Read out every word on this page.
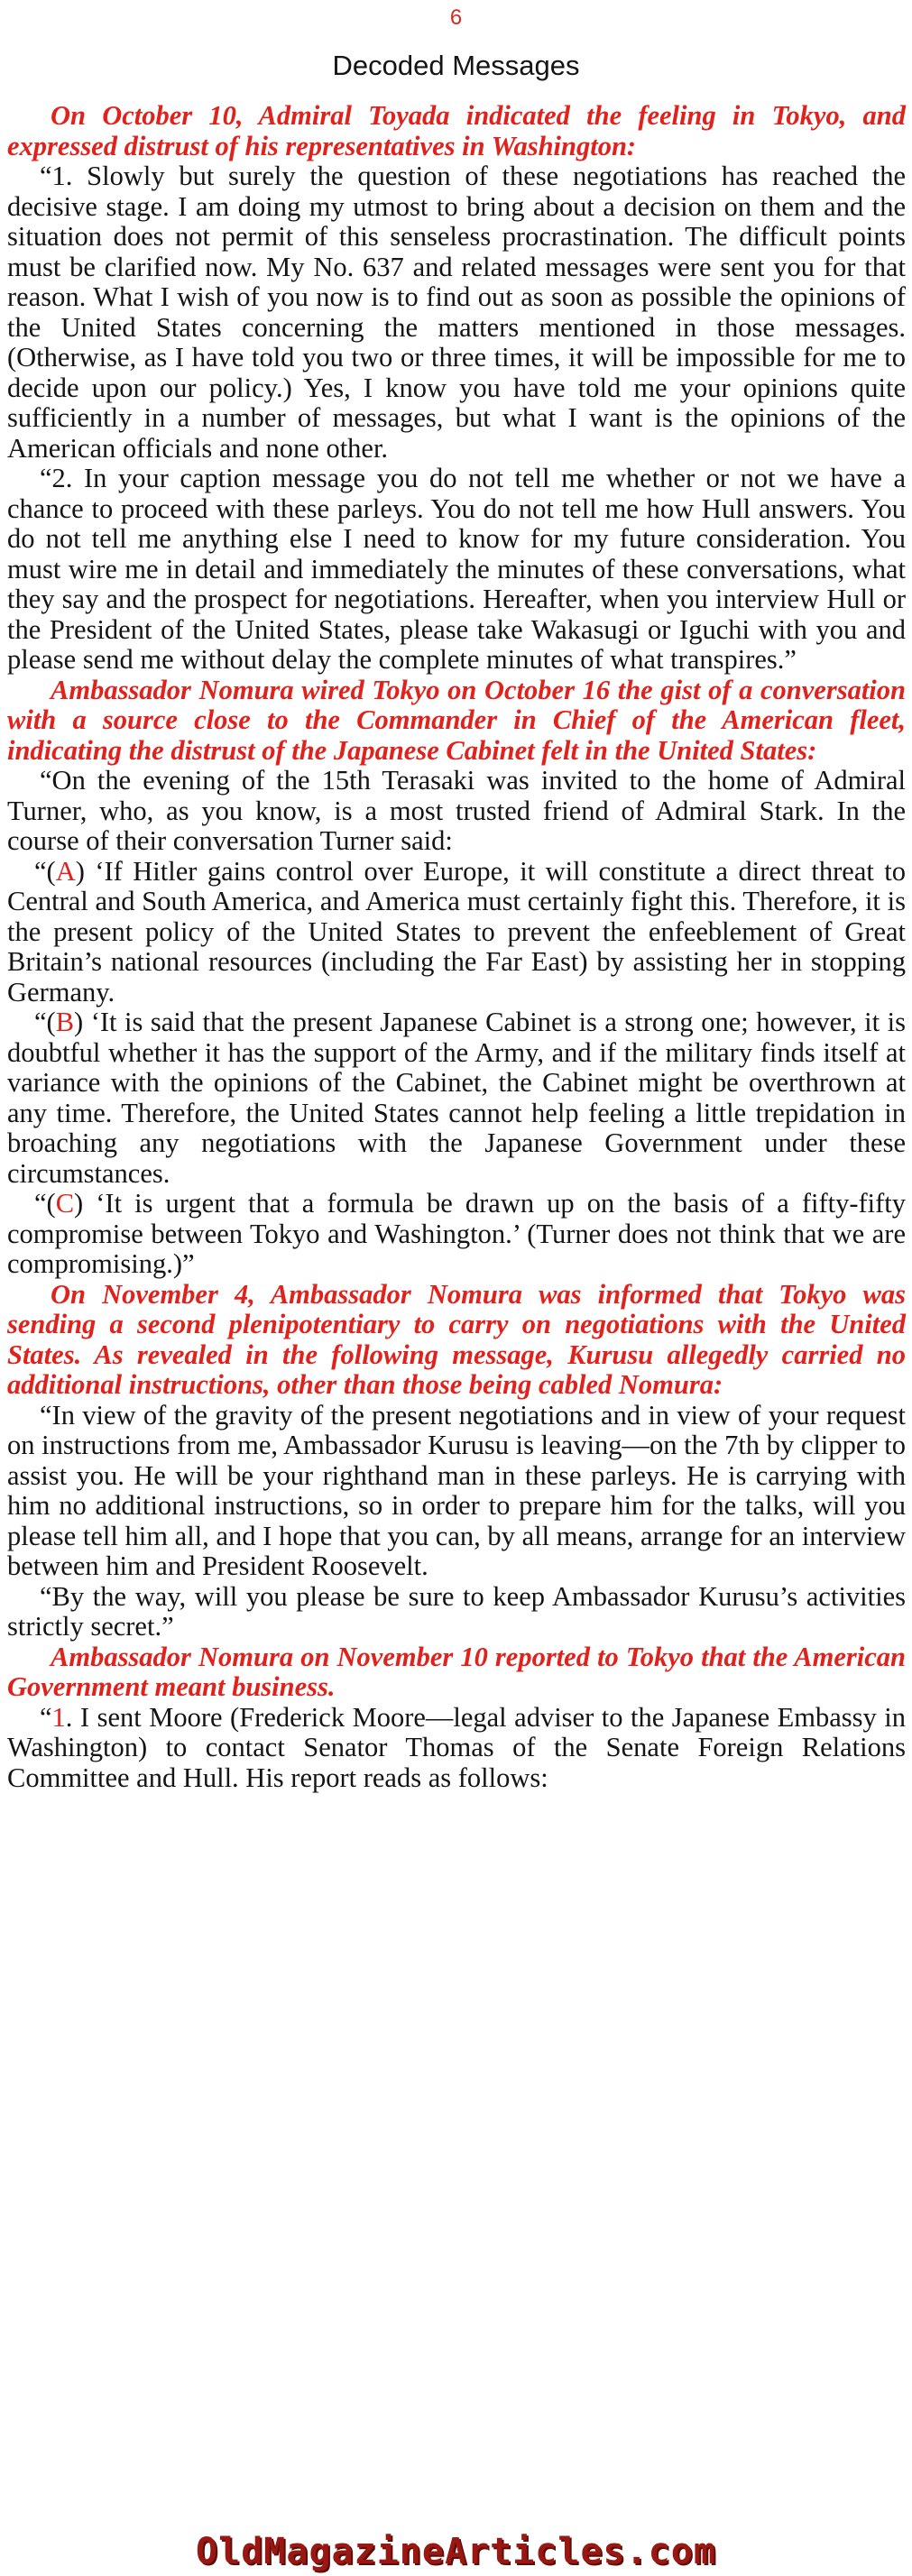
6
Decoded Messages

On October 10, Admiral Toyada indicated the feeling in Tokyo, and expressed distrust of his representatives in Washington:

“1. Slowly but surely the question of these negotiations has reached the decisive stage. I am doing my utmost to bring about a decision on them and the situation does not permit of this senseless procrastination. The difficult points must be clarified now. My No. 637 and related messages were sent you for that reason. What I wish of you now is to find out as soon as possible the opinions of the United States concerning the matters mentioned in those messages. (Otherwise, as I have told you two or three times, it will be impossible for me to decide upon our policy.) Yes, I know you have told me your opinions quite sufficiently in a number of messages, but what I want is the opinions of the American officials and none other.

“2. In your caption message you do not tell me whether or not we have a chance to proceed with these parleys. You do not tell me how Hull answers. You do not tell me anything else I need to know for my future consideration. You must wire me in detail and immediately the minutes of these conversations, what they say and the prospect for negotiations. Hereafter, when you interview Hull or the President of the United States, please take Wakasugi or Iguchi with you and please send me without delay the complete minutes of what transpires.”

Ambassador Nomura wired Tokyo on October 16 the gist of a conversation with a source close to the Commander in Chief of the American fleet, indicating the distrust of the Japanese Cabinet felt in the United States:

“On the evening of the 15th Terasaki was invited to the home of Admiral Turner, who, as you know, is a most trusted friend of Admiral Stark. In the course of their conversation Turner said:

“(A) ‘If Hitler gains control over Europe, it will constitute a direct threat to Central and South America, and America must certainly fight this. Therefore, it is the present policy of the United States to prevent the enfeeblement of Great Britain’s national resources (including the Far East) by assisting her in stopping Germany.

“(B) ‘It is said that the present Japanese Cabinet is a strong one; however, it is doubtful whether it has the support of the Army, and if the military finds itself at variance with the opinions of the Cabinet, the Cabinet might be overthrown at any time. Therefore, the United States cannot help feeling a little trepidation in broaching any negotiations with the Japanese Government under these circumstances.

“(C) ‘It is urgent that a formula be drawn up on the basis of a fifty-fifty compromise between Tokyo and Washington.’ (Turner does not think that we are compromising.)”

On November 4, Ambassador Nomura was informed that Tokyo was sending a second plenipotentiary to carry on negotiations with the United States. As revealed in the following message, Kurusu allegedly carried no additional instructions, other than those being cabled Nomura:

“In view of the gravity of the present negotiations and in view of your request on instructions from me, Ambassador Kurusu is leaving—on the 7th by clipper to assist you. He will be your righthand man in these parleys. He is carrying with him no additional instructions, so in order to prepare him for the talks, will you please tell him all, and I hope that you can, by all means, arrange for an interview between him and President Roosevelt.

“By the way, will you please be sure to keep Ambassador Kurusu’s activities strictly secret.”

Ambassador Nomura on November 10 reported to Tokyo that the American Government meant business.

“1. I sent Moore (Frederick Moore—legal adviser to the Japanese Embassy in Washington) to contact Senator Thomas of the Senate Foreign Relations Committee and Hull. His report reads as follows:

OldMagazineArticles.com
